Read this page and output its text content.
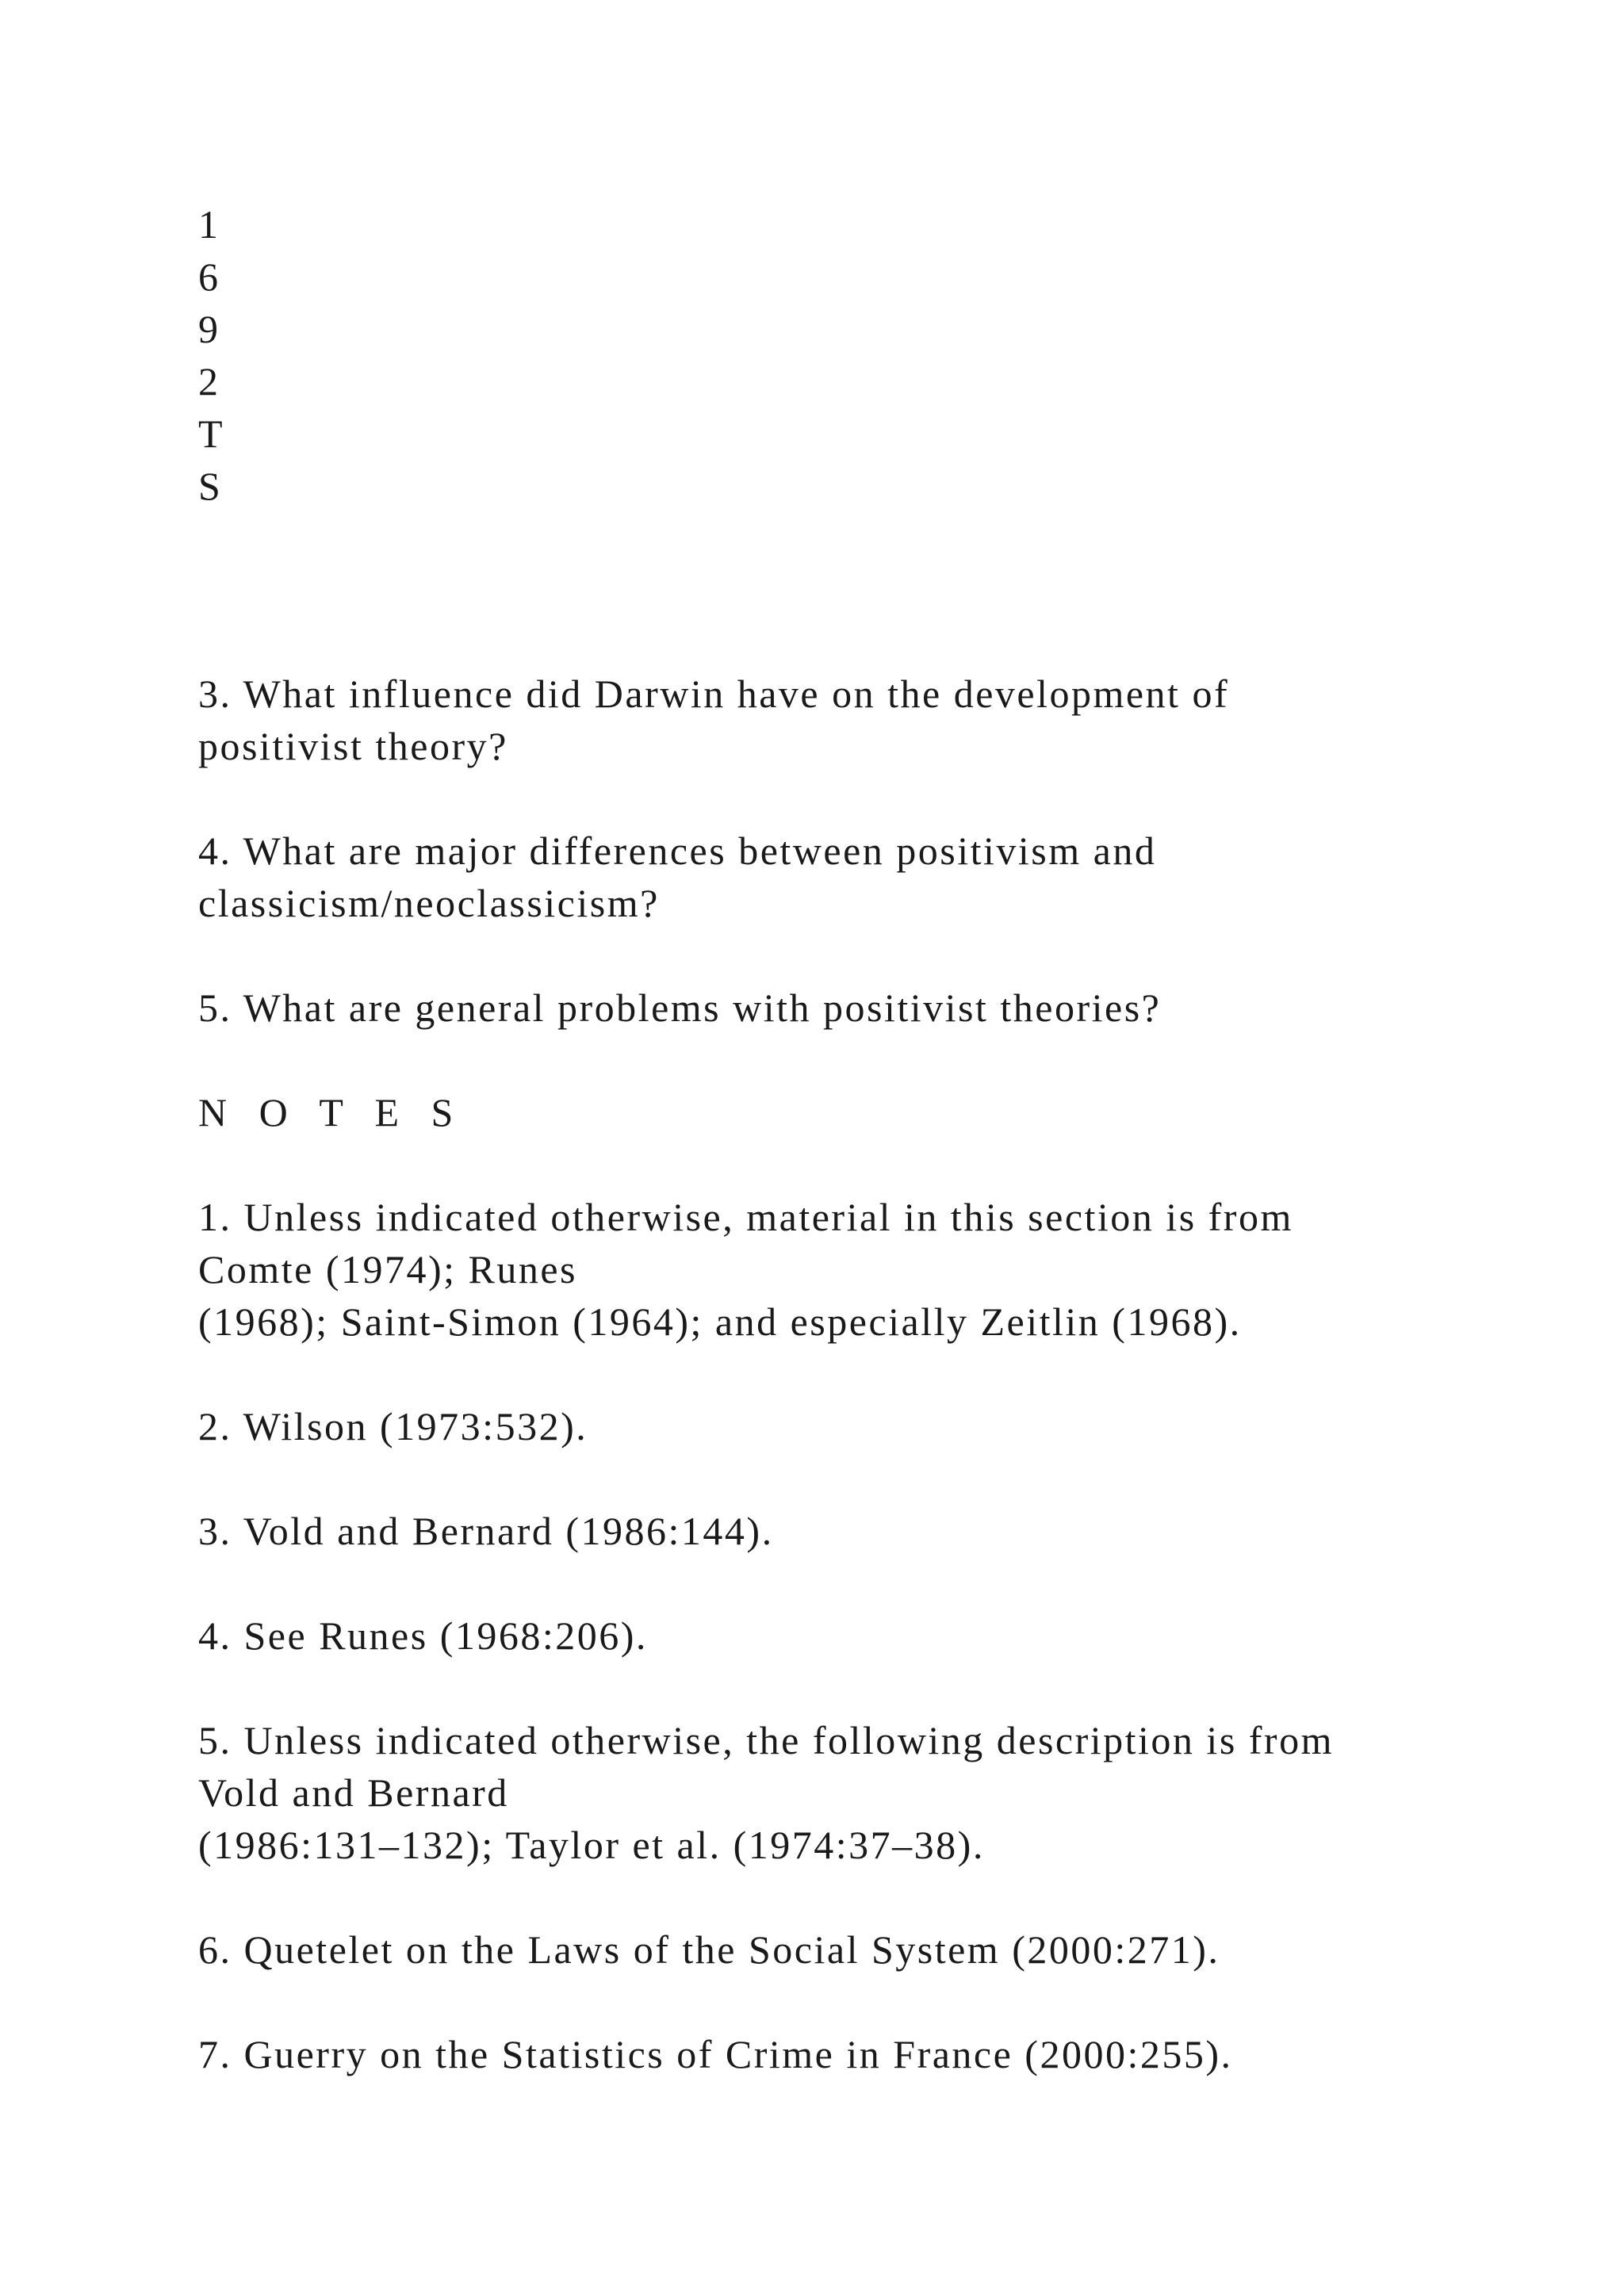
1
6
9
2
T
S
3. What influence did Darwin have on the development of
positivist theory?
4. What are major differences between positivism and
classicism/neoclassicism?
5. What are general problems with positivist theories?
N O T E S
1. Unless indicated otherwise, material in this section is from
Comte (1974); Runes
(1968); Saint-Simon (1964); and especially Zeitlin (1968).
2. Wilson (1973:532).
3. Vold and Bernard (1986:144).
4. See Runes (1968:206).
5. Unless indicated otherwise, the following description is from
Vold and Bernard
(1986:131–132); Taylor et al. (1974:37–38).
6. Quetelet on the Laws of the Social System (2000:271).
7. Guerry on the Statistics of Crime in France (2000:255).
